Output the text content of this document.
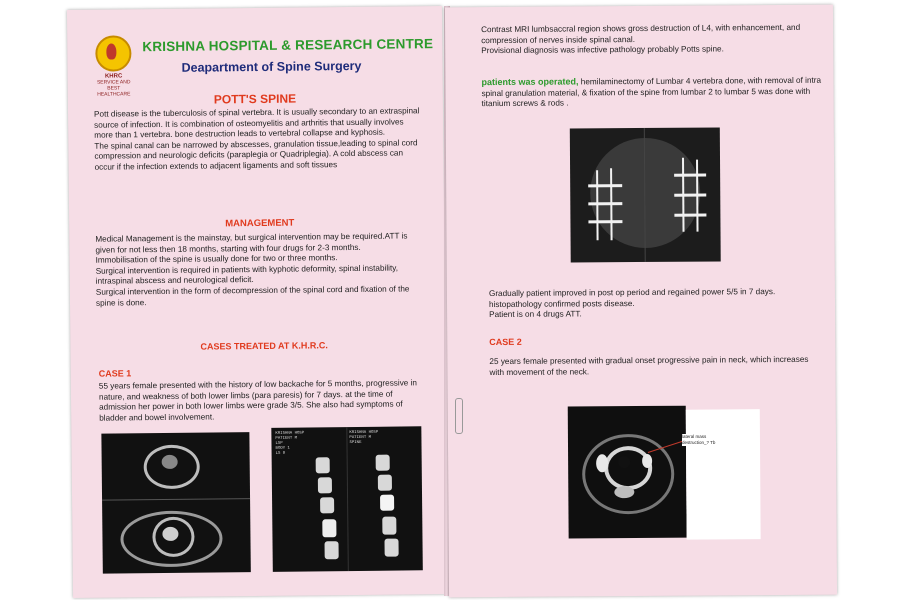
KHRC
SERVICE AND BEST HEALTHCARE
KRISHNA HOSPITAL & RESEARCH CENTRE
Deapartment of Spine Surgery
POTT'S SPINE
Pott disease is the tuberculosis of spinal vertebra. It is usually secondary to an extraspinal source of infection. It is combination of osteomyelitis and arthritis that usually involves more than 1 vertebra. bone destruction leads to vertebral collapse and kyphosis.
The spinal canal can be narrowed by abscesses, granulation tissue,leading to spinal cord compression and neurologic deficits (paraplegia or Quadriplegia). A cold abscess can occur if the infection extends to adjacent ligaments and soft tissues
MANAGEMENT
Medical Management is the mainstay, but surgical intervention may be required.ATT is given for not less then 18 months, starting with four drugs for 2-3 months.
Immobilisation of the spine is usually done for two or three months.
Surgical intervention is required in patients with kyphotic deformity, spinal instability, intraspinal abscess and neurological deficit.
Surgical intervention in the form of decompression of the spinal cord and fixation of the spine is done.
CASES TREATED AT K.H.R.C.
CASE 1
55 years female presented with the history of low backache for 5 months, progressive in nature, and weakness of both lower limbs (para paresis) for 7 days. at the time of admission her power in both lower limbs were grade 3/5. She also had symptoms of bladder and bowel involvement.
KRISHNA HOSP
PATIENT M
LSP
BODY 1
LS 8
KRISHNA HOSP
PATIENT M
SPINE
Contrast MRI lumbsaccral region shows gross destruction of L4, with enhancement, and compression of nerves inside spinal canal.
Provisional diagnosis was infective pathology probably Potts spine.
patients was operated, hemilaminectomy of Lumbar 4 vertebra done, with removal of intra spinal granulation material, & fixation of the spine from lumbar 2 to lumbar 5 was done with titanium screws & rods .
Gradually patient improved in post op period and regained power 5/5 in 7 days.
histopathology confirmed posts disease.
Patient is on 4 drugs ATT.
CASE 2
25 years female presented with gradual onset progressive pain in neck, which increases with movement of the neck.
lateral mass destruction_? Tb
